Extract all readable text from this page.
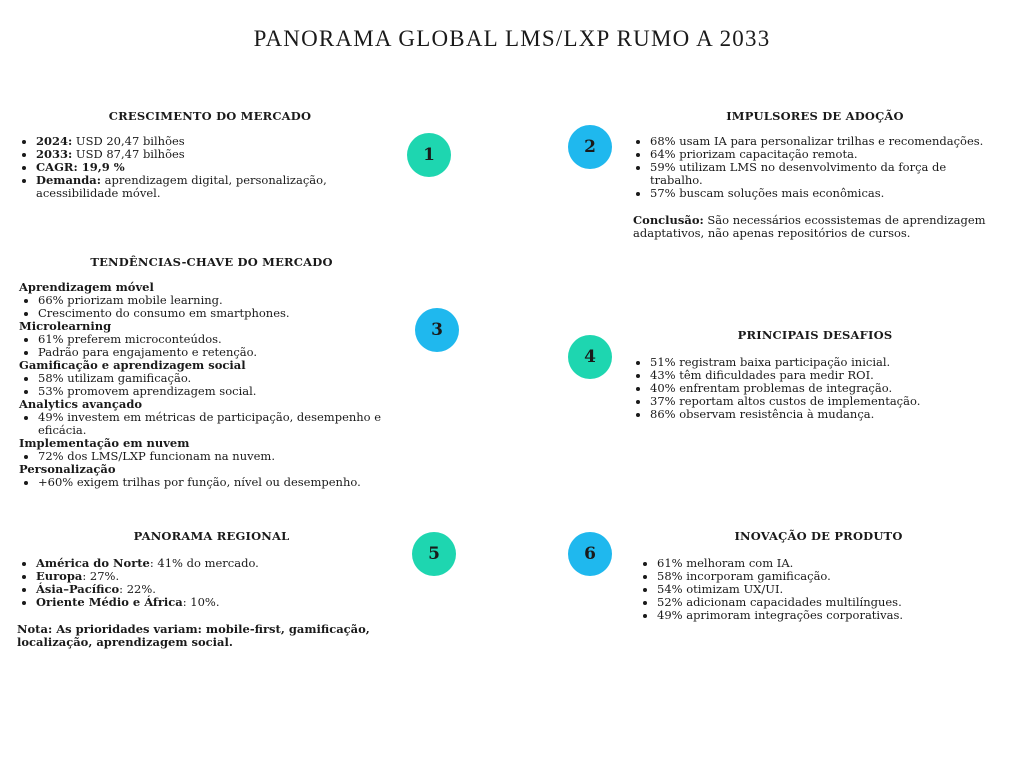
PANORAMA GLOBAL LMS/LXP RUMO A 2033
CRESCIMENTO DO MERCADO
• 2024: USD 20,47 bilhões
• 2033: USD 87,47 bilhões
• CAGR: 19,9 %
• Demanda: aprendizagem digital, personalização, acessibilidade móvel.
IMPULSORES DE ADOÇÃO
• 68% usam IA para personalizar trilhas e recomendações.
• 64% priorizam capacitação remota.
• 59% utilizam LMS no desenvolvimento da força de trabalho.
• 57% buscam soluções mais econômicas.

Conclusão: São necessários ecossistemas de aprendizagem adaptativos, não apenas repositórios de cursos.

TENDÊNCIAS-CHAVE DO MERCADO

Aprendizagem móvel

• 66% priorizam mobile learning.
• Crescimento do consumo em smartphones.

Microlearning

• 61% preferem microconteúdos.
• Padrão para engajamento e retenção.

Gamificação e aprendizagem social

• 58% utilizam gamificação.
• 53% promovem aprendizagem social.

Analytics avançado

• 49% investem em métricas de participação, desempenho e eficácia.

Implementação em nuvem

• 72% dos LMS/LXP funcionam na nuvem.

Personalização

• +60% exigem trilhas por função, nível ou desempenho.
PRINCIPAIS DESAFIOS
• 51% registram baixa participação inicial.
• 43% têm dificuldades para medir ROI.
• 40% enfrentam problemas de integração.
• 37% reportam altos custos de implementação.
• 86% observam resistência à mudança.
PANORAMA REGIONAL
• América do Norte: 41% do mercado.
• Europa: 27%.
• Ásia–Pacífico: 22%.
• Oriente Médio e África: 10%.

Nota: As prioridades variam: mobile-first, gamificação, localização, aprendizagem social.

INOVAÇÃO DE PRODUTO
• 61% melhoram com IA.
• 58% incorporam gamificação.
• 54% otimizam UX/UI.
• 52% adicionam capacidades multilíngues.
• 49% aprimoram integrações corporativas.
1	2
3
4
5	6
